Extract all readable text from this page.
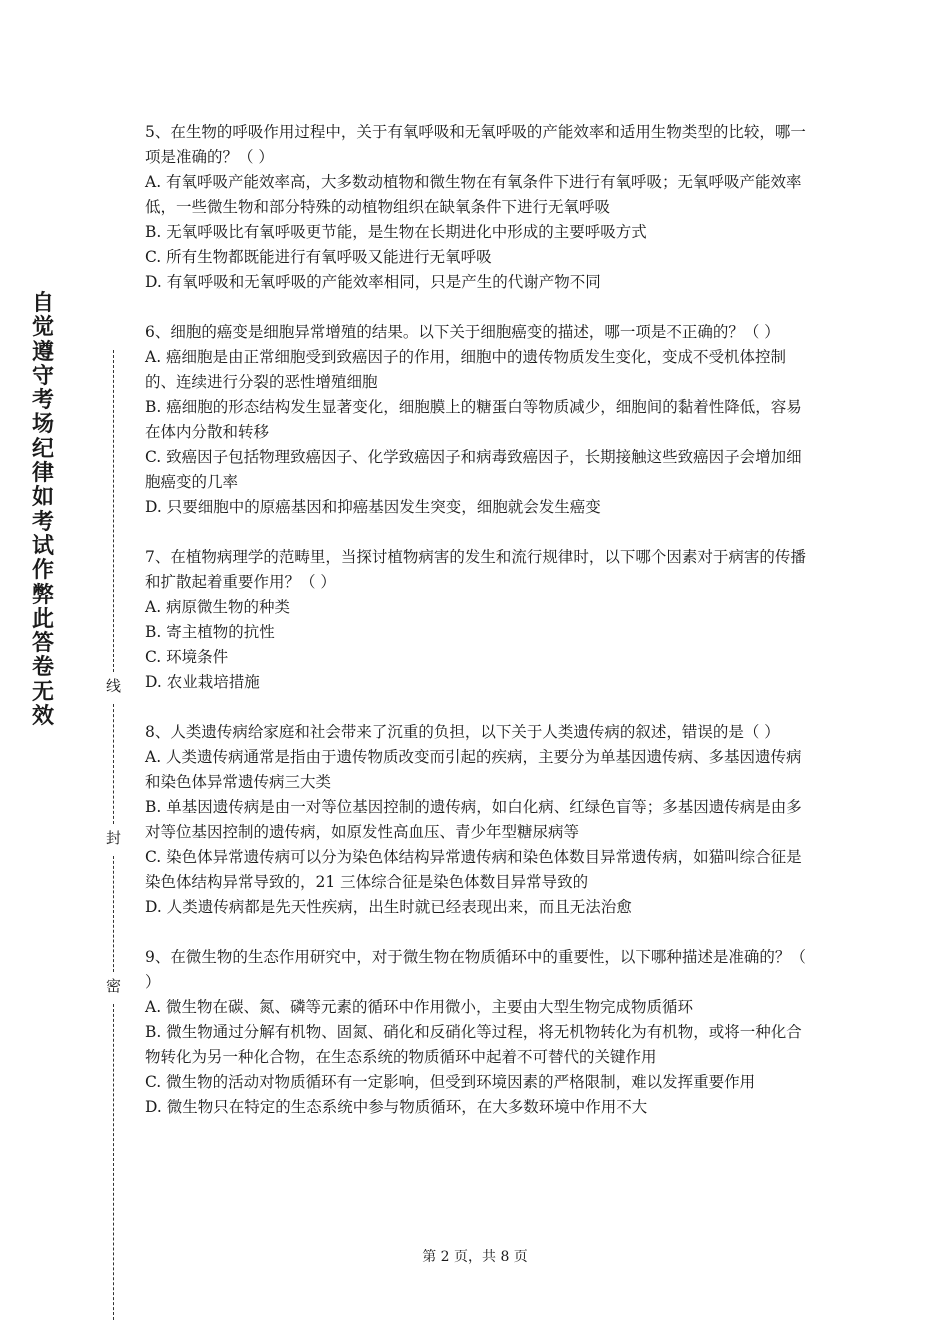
自觉遵守考场纪律如考试作弊此答卷无效
线
封
密

5、在生物的呼吸作用过程中，关于有氧呼吸和无氧呼吸的产能效率和适用生物类型的比较，哪一项是准确的？（ ）

A. 有氧呼吸产能效率高，大多数动植物和微生物在有氧条件下进行有氧呼吸；无氧呼吸产能效率低，一些微生物和部分特殊的动植物组织在缺氧条件下进行无氧呼吸

B. 无氧呼吸比有氧呼吸更节能，是生物在长期进化中形成的主要呼吸方式

C. 所有生物都既能进行有氧呼吸又能进行无氧呼吸

D. 有氧呼吸和无氧呼吸的产能效率相同，只是产生的代谢产物不同

6、细胞的癌变是细胞异常增殖的结果。以下关于细胞癌变的描述，哪一项是不正确的？（ ）

A. 癌细胞是由正常细胞受到致癌因子的作用，细胞中的遗传物质发生变化，变成不受机体控制的、连续进行分裂的恶性增殖细胞

B. 癌细胞的形态结构发生显著变化，细胞膜上的糖蛋白等物质减少，细胞间的黏着性降低，容易在体内分散和转移

C. 致癌因子包括物理致癌因子、化学致癌因子和病毒致癌因子，长期接触这些致癌因子会增加细胞癌变的几率

D. 只要细胞中的原癌基因和抑癌基因发生突变，细胞就会发生癌变

7、在植物病理学的范畴里，当探讨植物病害的发生和流行规律时，以下哪个因素对于病害的传播和扩散起着重要作用？（ ）

A. 病原微生物的种类

B. 寄主植物的抗性

C. 环境条件

D. 农业栽培措施

8、人类遗传病给家庭和社会带来了沉重的负担，以下关于人类遗传病的叙述，错误的是（ ）

A. 人类遗传病通常是指由于遗传物质改变而引起的疾病，主要分为单基因遗传病、多基因遗传病和染色体异常遗传病三大类

B. 单基因遗传病是由一对等位基因控制的遗传病，如白化病、红绿色盲等；多基因遗传病是由多对等位基因控制的遗传病，如原发性高血压、青少年型糖尿病等

C. 染色体异常遗传病可以分为染色体结构异常遗传病和染色体数目异常遗传病，如猫叫综合征是染色体结构异常导致的，21 三体综合征是染色体数目异常导致的

D. 人类遗传病都是先天性疾病，出生时就已经表现出来，而且无法治愈

9、在微生物的生态作用研究中，对于微生物在物质循环中的重要性，以下哪种描述是准确的？（ ）

A. 微生物在碳、氮、磷等元素的循环中作用微小，主要由大型生物完成物质循环

B. 微生物通过分解有机物、固氮、硝化和反硝化等过程，将无机物转化为有机物，或将一种化合物转化为另一种化合物，在生态系统的物质循环中起着不可替代的关键作用

C. 微生物的活动对物质循环有一定影响，但受到环境因素的严格限制，难以发挥重要作用

D. 微生物只在特定的生态系统中参与物质循环，在大多数环境中作用不大

第 2 页，共 8 页
